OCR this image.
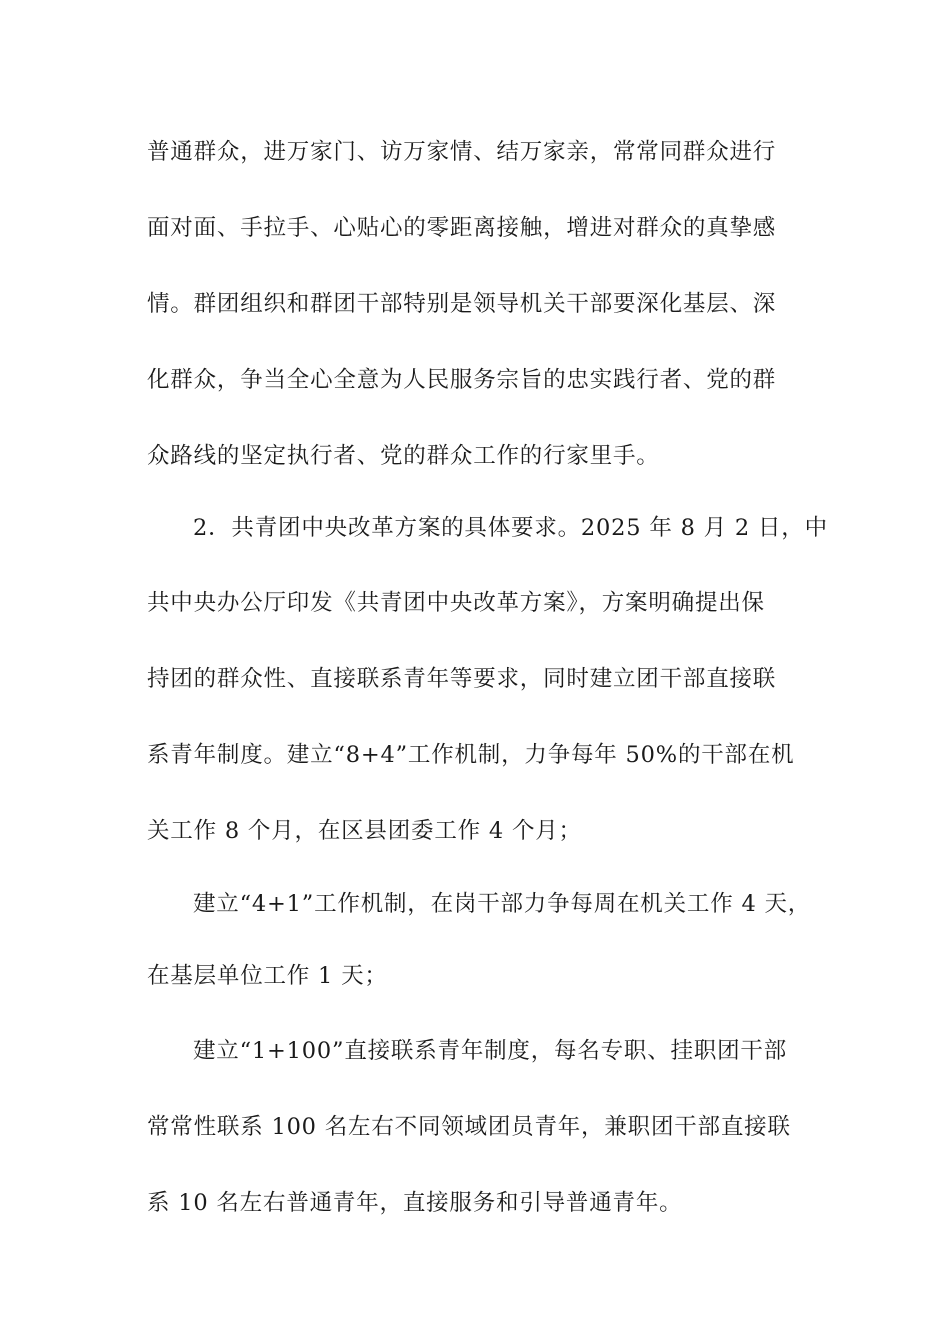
普通群众，进万家门、访万家情、结万家亲，常常同群众进行
面对面、手拉手、心贴心的零距离接触，增进对群众的真挚感
情。群团组织和群团干部特别是领导机关干部要深化基层、深
化群众，争当全心全意为人民服务宗旨的忠实践行者、党的群
众路线的坚定执行者、党的群众工作的行家里手。
2．共青团中央改革方案的具体要求。2025 年 8 月 2 日，中
共中央办公厅印发《共青团中央改革方案》，方案明确提出保
持团的群众性、直接联系青年等要求，同时建立团干部直接联
系青年制度。建立“8+4”工作机制，力争每年 50%的干部在机
关工作 8 个月，在区县团委工作 4 个月；
建立“4+1”工作机制，在岗干部力争每周在机关工作 4 天，
在基层单位工作 1 天；
建立“1+100”直接联系青年制度，每名专职、挂职团干部
常常性联系 100 名左右不同领域团员青年，兼职团干部直接联
系 10 名左右普通青年，直接服务和引导普通青年。
